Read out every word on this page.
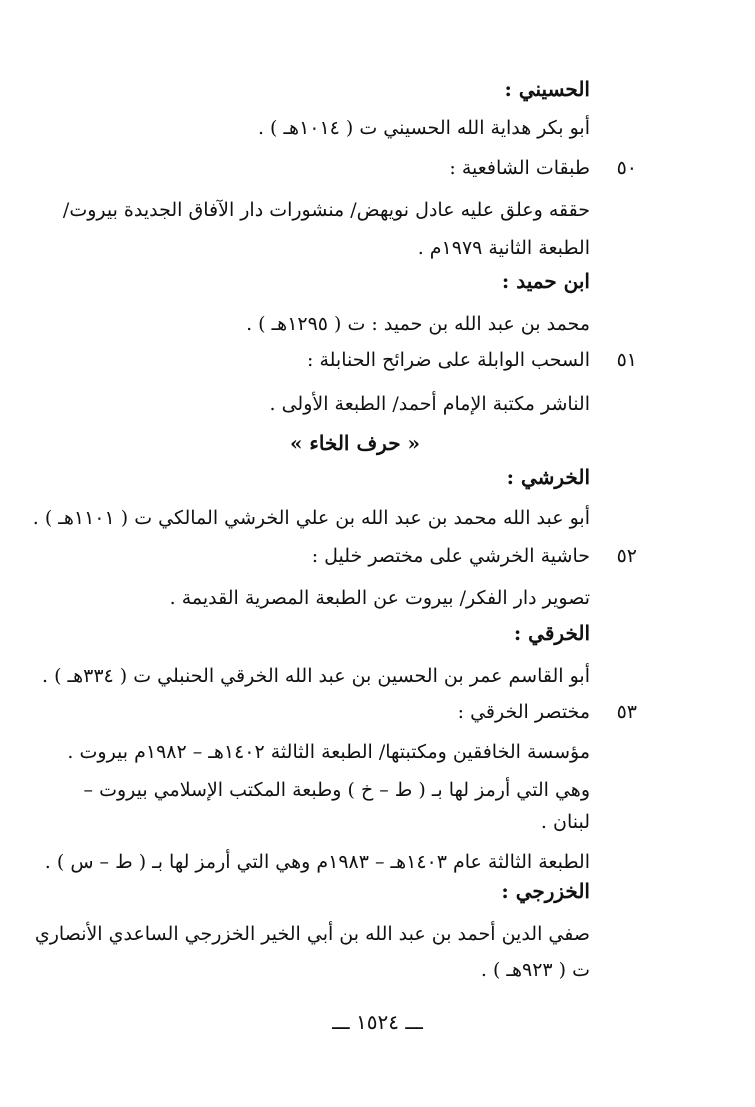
الحسيني :

أبو بكر هداية الله الحسيني ت ( ١٠١٤هـ ) .

٥٠

طبقات الشافعية :

حققه وعلق عليه عادل نويهض/ منشورات دار الآفاق الجديدة بيروت/

الطبعة الثانية ١٩٧٩م .

ابن حميد :

محمد بن عبد الله بن حميد : ت ( ١٢٩٥هـ ) .

٥١

السحب الوابلة على ضرائح الحنابلة :

الناشر مكتبة الإمام أحمد/ الطبعة الأولى .

« حرف الخاء »

الخرشي :

أبو عبد الله محمد بن عبد الله بن علي الخرشي المالكي ت ( ١١٠١هـ ) .

٥٢

حاشية الخرشي على مختصر خليل :

تصوير دار الفكر/ بيروت عن الطبعة المصرية القديمة .

الخرقي :

أبو القاسم عمر بن الحسين بن عبد الله الخرقي الحنبلي ت ( ٣٣٤هـ ) .

٥٣

مختصر الخرقي :

مؤسسة الخافقين ومكتبتها/ الطبعة الثالثة ١٤٠٢هـ – ١٩٨٢م بيروت .

وهي التي أرمز لها بـ ( ط – خ ) وطبعة المكتب الإسلامي بيروت –

لبنان .

الطبعة الثالثة عام ١٤٠٣هـ – ١٩٨٣م وهي التي أرمز لها بـ ( ط – س ) .

الخزرجي :

صفي الدين أحمد بن عبد الله بن أبي الخير الخزرجي الساعدي الأنصاري

ت ( ٩٢٣هـ ) .

ـــ ١٥٢٤ ـــ
